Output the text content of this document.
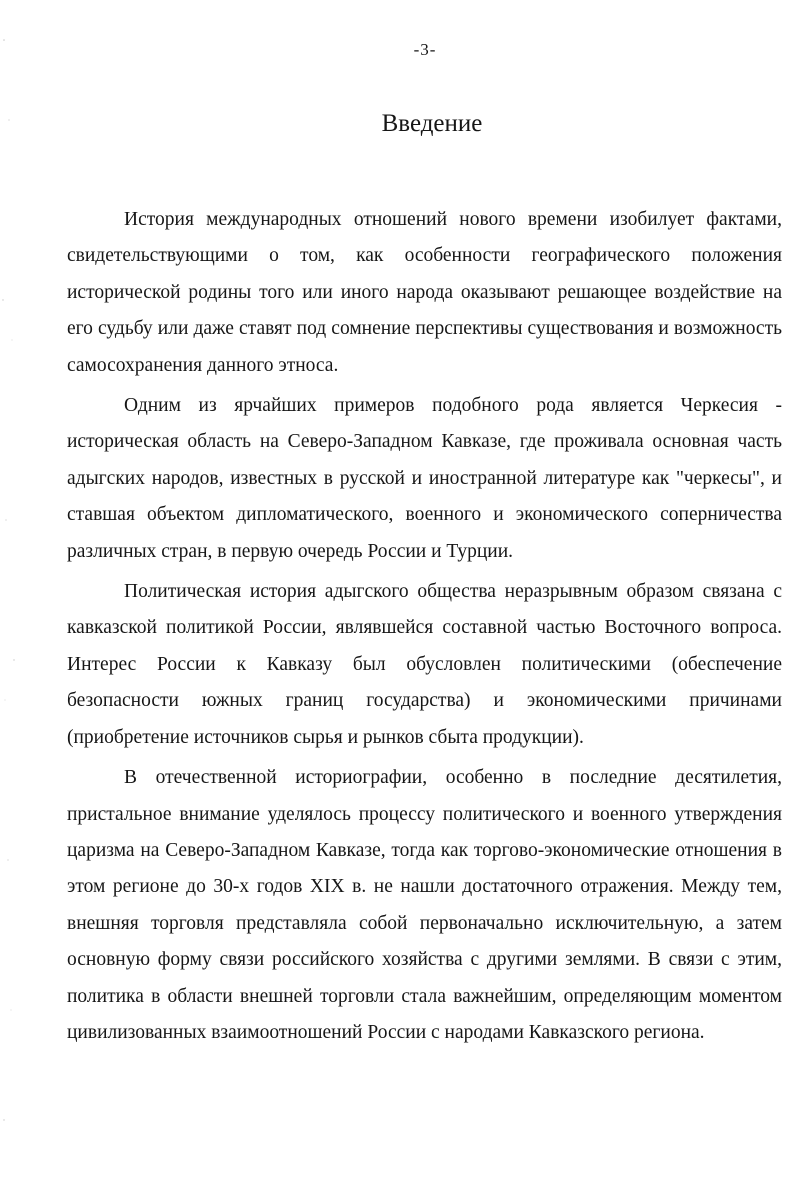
-3-
Введение

История международных отношений нового времени изобилует фактами, свидетельствующими о том, как особенности географического положения исторической родины того или иного народа оказывают решающее воздействие на его судьбу или даже ставят под сомнение перспективы существования и возможность самосохранения данного этноса.

Одним из ярчайших примеров подобного рода является Черкесия - историческая область на Северо-Западном Кавказе, где проживала основная часть адыгских народов, известных в русской и иностранной литературе как "черкесы", и ставшая объектом дипломатического, военного и экономического соперничества различных стран, в первую очередь России и Турции.

Политическая история адыгского общества неразрывным образом связана с кавказской политикой России, являвшейся составной частью Восточного вопроса. Интерес России к Кавказу был обусловлен политическими (обеспечение безопасности южных границ государства) и экономическими причинами (приобретение источников сырья и рынков сбыта продукции).

В отечественной историографии, особенно в последние десятилетия, пристальное внимание уделялось процессу политического и военного утверждения царизма на Северо-Западном Кавказе, тогда как торгово-экономические отношения в этом регионе до 30-х годов XIX в. не нашли достаточного отражения. Между тем, внешняя торговля представляла собой первоначально исключительную, а затем основную форму связи российского хозяйства с другими землями. В связи с этим, политика в области внешней торговли стала важнейшим, определяющим моментом цивилизованных взаимоотношений России с народами Кавказского региона.
